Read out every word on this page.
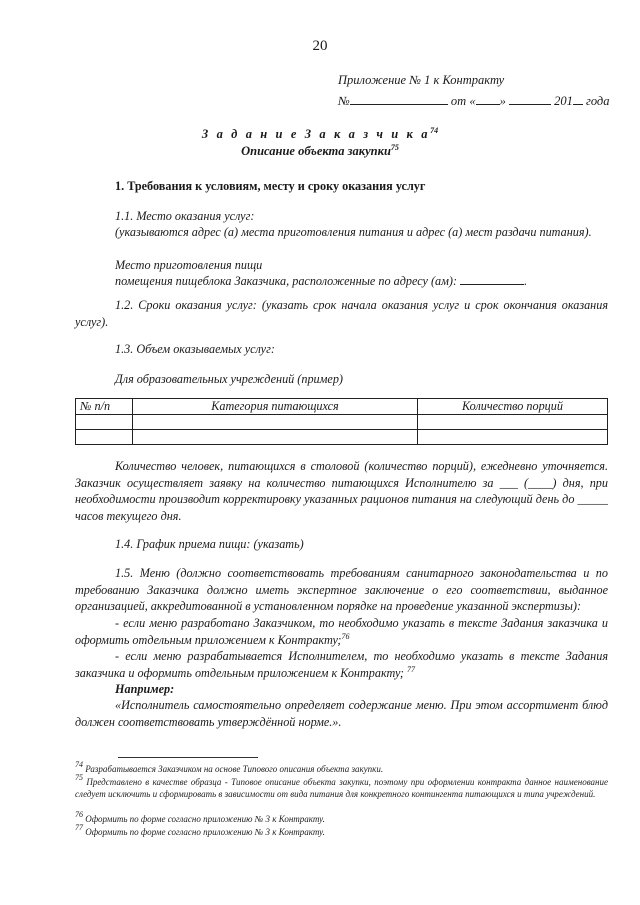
20
Приложение № 1 к Контракту
№	от « »	201 года
З а д а н и е З а к а з ч и к $а^{74}$
Описание объекта закупки$^{75}$
1. Требования к условиям, месту и сроку оказания услуг
1.1. Место оказания услуг:
(указываются адрес (а) места приготовления питания и адрес (а) мест раздачи питания).
Место приготовления пищи
помещения пищеблока Заказчика, расположенные по адресу (ам):	.
1.2. Сроки оказания услуг: (указать срок начала оказания услуг и срок окончания оказания услуг).
1.3. Объем оказываемых услуг:
Для образовательных учреждений (пример)
№ п/п	Категория питающихся	Количество порций

Количество человек, питающихся в столовой (количество порций), ежедневно уточняется. Заказчик осуществляет заявку на количество питающихся Исполнителю за ___ (____) дня, при необходимости производит корректировку указанных рационов питания на следующий день до _____ часов текущего дня.
1.4. График приема пищи: (указать)
1.5. Меню (должно соответствовать требованиям санитарного законодательства и по требованию Заказчика должно иметь экспертное заключение о его соответствии, выданное организацией, аккредитованной в установленном порядке на проведение указанной экспертизы):
- если меню разработано Заказчиком, то необходимо указать в тексте Задания заказчика и оформить отдельным приложением к Контракту;$^{76}$
- если меню разрабатывается Исполнителем, то необходимо указать в тексте Задания заказчика и оформить отдельным приложением к Контракту; $^{77}$
Например:
«Исполнитель самостоятельно определяет содержание меню. При этом ассортимент блюд должен соответствовать утверждённой норме.».
$^{74}$ Разрабатывается Заказчиком на основе Типового описания объекта закупки.
$^{75}$ Представлено в качестве образца - Типовое описание объекта закупки, поэтому при оформлении контракта данное наименование следует исключить и сформировать в зависимости от вида питания для конкретного контингента питающихся и типа учреждений.
$^{76}$ Оформить по форме согласно приложению № 3 к Контракту.
$^{77}$ Оформить по форме согласно приложению № 3 к Контракту.
